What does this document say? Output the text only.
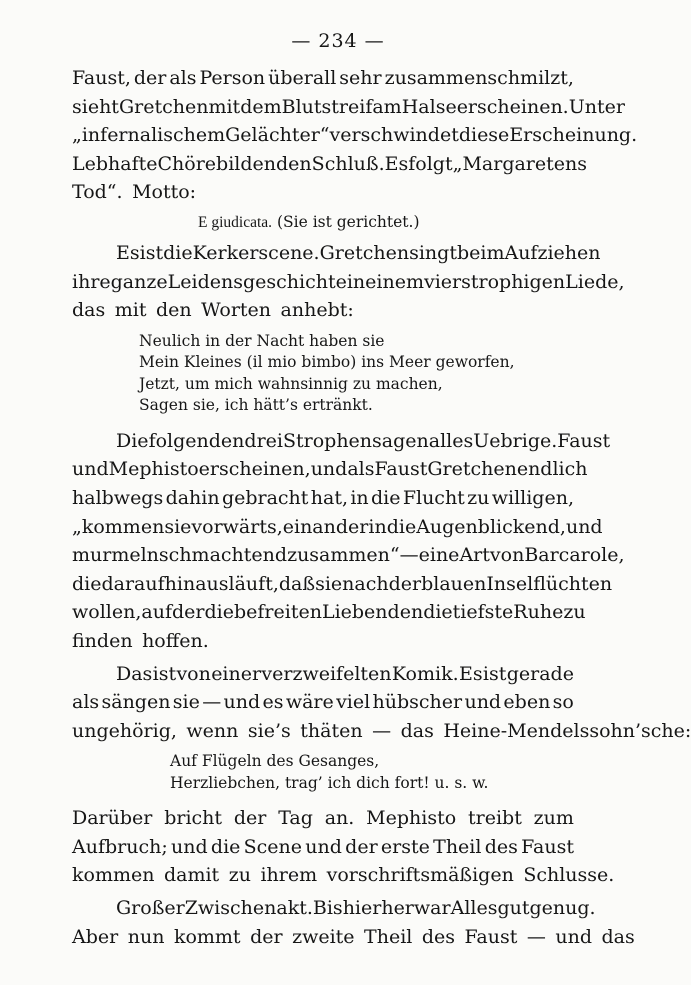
— 234 —
Faust, der als Person überall sehr zusammenschmilzt,
sieht Gretchen mit dem Blutstreif am Halse erscheinen. Unter
„infernalischem Gelächter“ verschwindet diese Erscheinung.
Lebhafte Chöre bilden den Schluß. Es folgt „Margaretens
Tod“. Motto:
E giudicata. (Sie ist gerichtet.)
Es ist die Kerkerscene. Gretchen singt beim Aufziehen
ihre ganze Leidensgeschichte in einem vierstrophigen Liede,
das mit den Worten anhebt:
Neulich in der Nacht haben sie
Mein Kleines (il mio bimbo) ins Meer geworfen,
Jetzt, um mich wahnsinnig zu machen,
Sagen sie, ich hätt’s ertränkt.
Die folgenden drei Strophen sagen alles Uebrige. Faust
und Mephisto erscheinen, und als Faust Gretchen endlich
halbwegs dahin gebracht hat, in die Flucht zu willigen,
„kommen sie vorwärts, einander in die Augen blickend, und
murmeln schmachtend zusammen“ — eine Art von Barcarole,
die darauf hinausläuft, daß sie nach der blauen Insel flüchten
wollen, auf der die befreiten Liebenden die tiefste Ruhe zu
finden hoffen.
Das ist von einer verzweifelten Komik. Es ist gerade
als sängen sie — und es wäre viel hübscher und eben so
ungehörig, wenn sie’s thäten — das Heine-Mendelssohn’sche:
Auf Flügeln des Gesanges,
Herzliebchen, trag’ ich dich fort! u. s. w.
Darüber bricht der Tag an. Mephisto treibt zum
Aufbruch; und die Scene und der erste Theil des Faust
kommen damit zu ihrem vorschriftsmäßigen Schlusse.
Großer Zwischenakt. Bis hierher war Alles gut genug.
Aber nun kommt der zweite Theil des Faust — und das
